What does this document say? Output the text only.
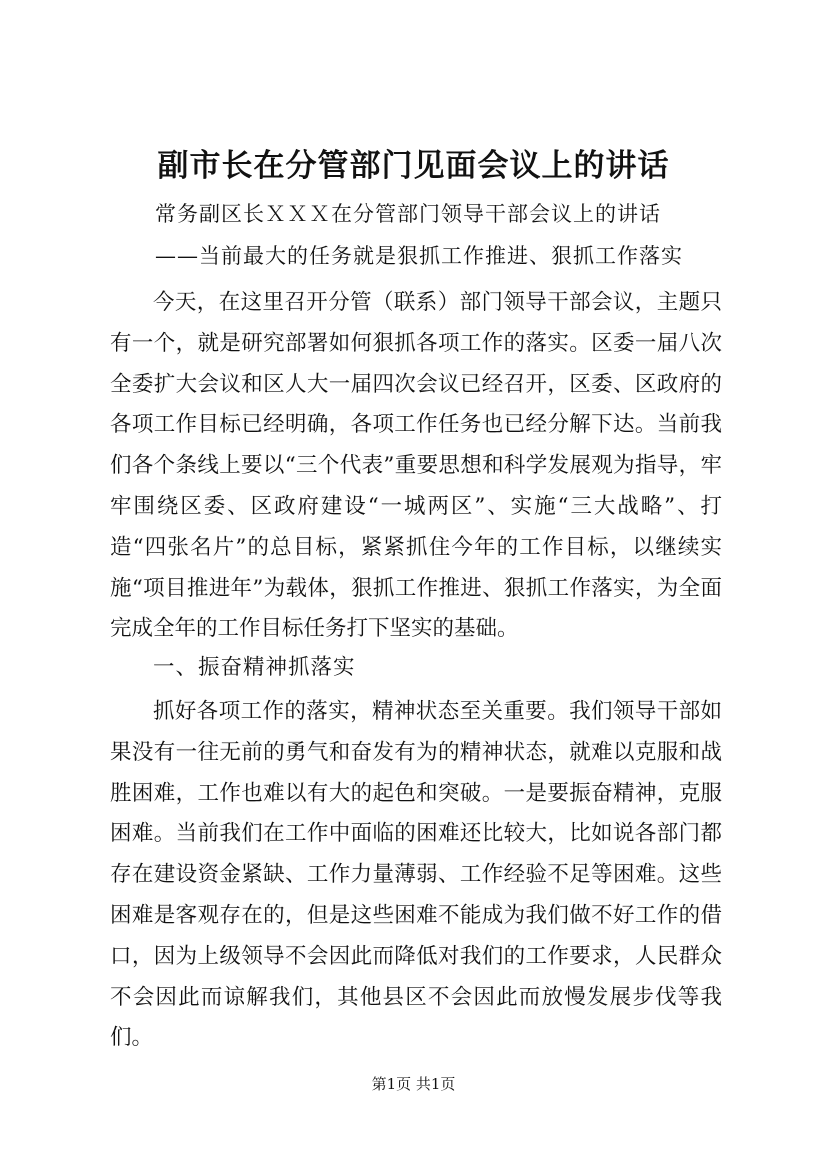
副市长在分管部门见面会议上的讲话
常务副区长ＸＸＸ在分管部门领导干部会议上的讲话
——当前最大的任务就是狠抓工作推进、狠抓工作落实

今天，在这里召开分管（联系）部门领导干部会议，主题只有一个，就是研究部署如何狠抓各项工作的落实。区委一届八次全委扩大会议和区人大一届四次会议已经召开，区委、区政府的各项工作目标已经明确，各项工作任务也已经分解下达。当前我们各个条线上要以“三个代表”重要思想和科学发展观为指导，牢牢围绕区委、区政府建设“一城两区”、实施“三大战略”、打造“四张名片”的总目标，紧紧抓住今年的工作目标，以继续实施“项目推进年”为载体，狠抓工作推进、狠抓工作落实，为全面完成全年的工作目标任务打下坚实的基础。

一、振奋精神抓落实

抓好各项工作的落实，精神状态至关重要。我们领导干部如果没有一往无前的勇气和奋发有为的精神状态，就难以克服和战胜困难，工作也难以有大的起色和突破。一是要振奋精神，克服困难。当前我们在工作中面临的困难还比较大，比如说各部门都存在建设资金紧缺、工作力量薄弱、工作经验不足等困难。这些困难是客观存在的，但是这些困难不能成为我们做不好工作的借口，因为上级领导不会因此而降低对我们的工作要求，人民群众不会因此而谅解我们，其他县区不会因此而放慢发展步伐等我们。

第1页 共1页
